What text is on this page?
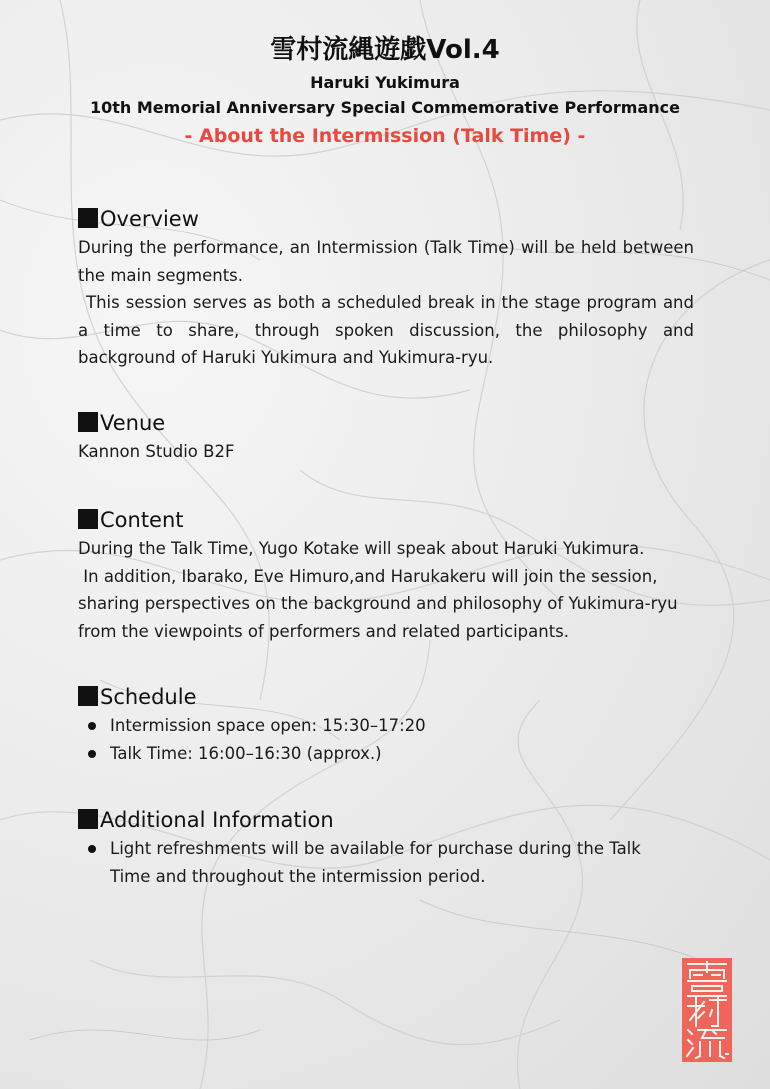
雪村流縄遊戯Vol.4
Haruki Yukimura
10th Memorial Anniversary Special Commemorative Performance
- About the Intermission (Talk Time) -
Overview

During the performance, an Intermission (Talk Time) will be held between the main segments.

This session serves as both a scheduled break in the stage program and a time to share, through spoken discussion, the philosophy and background of Haruki Yukimura and Yukimura-ryu.

Venue
Kannon Studio B2F
Content
During the Talk Time, Yugo Kotake will speak about Haruki Yukimura.
In addition, Ibarako, Eve Himuro,and Harukakeru will join the session,
sharing perspectives on the background and philosophy of Yukimura-ryu
from the viewpoints of performers and related participants.
Schedule
Intermission space open: 15:30–17:20
Talk Time: 16:00–16:30 (approx.)
Additional Information
Light refreshments will be available for purchase during the Talk Time and throughout the intermission period.
